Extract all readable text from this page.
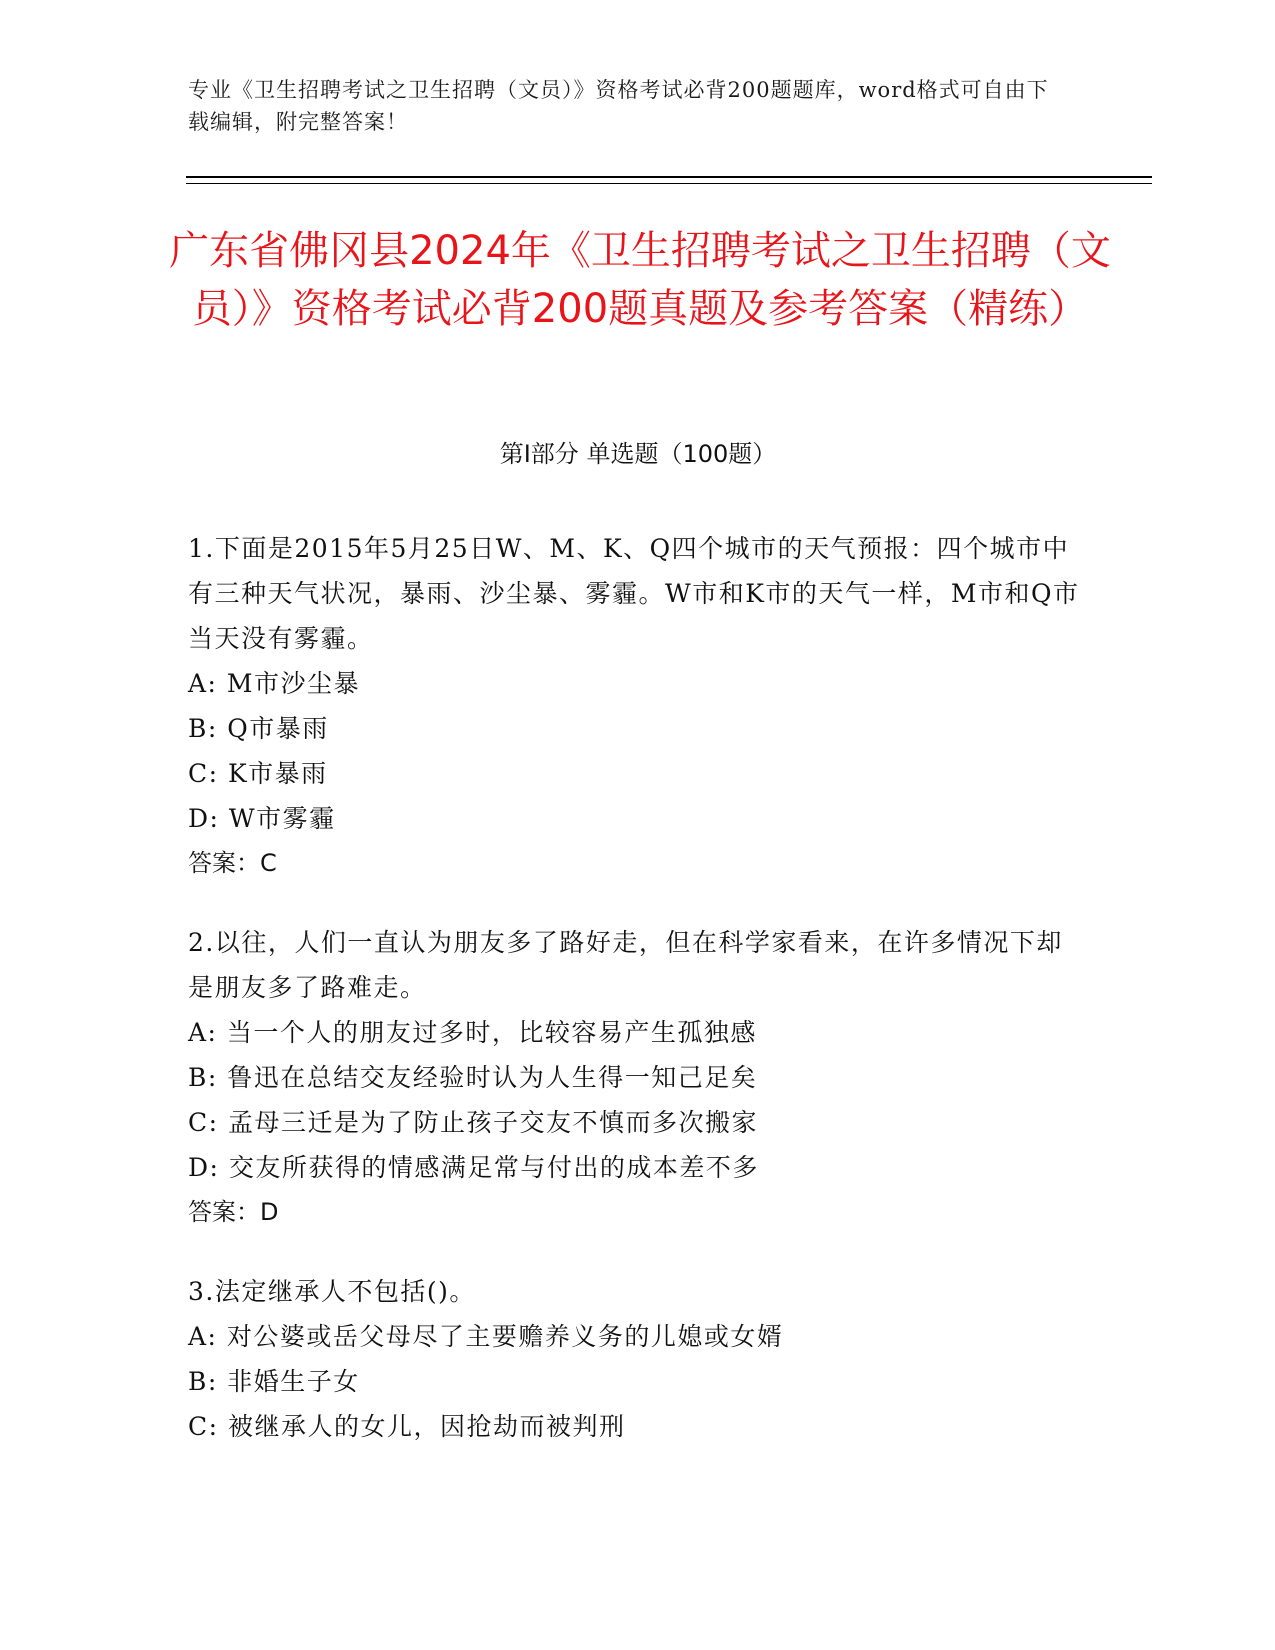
专业《卫生招聘考试之卫生招聘（文员）》资格考试必背200题题库，word格式可自由下载编辑，附完整答案！
广东省佛冈县2024年《卫生招聘考试之卫生招聘（文员）》资格考试必背200题真题及参考答案（精练）
第I部分 单选题（100题）

1.下面是2015年5月25日W、M、K、Q四个城市的天气预报：四个城市中有三种天气状况，暴雨、沙尘暴、雾霾。W市和K市的天气一样，M市和Q市当天没有雾霾。

A: M市沙尘暴

B: Q市暴雨

C: K市暴雨

D: W市雾霾

答案：C

2.以往，人们一直认为朋友多了路好走，但在科学家看来，在许多情况下却是朋友多了路难走。

A: 当一个人的朋友过多时，比较容易产生孤独感

B: 鲁迅在总结交友经验时认为人生得一知己足矣

C: 孟母三迁是为了防止孩子交友不慎而多次搬家

D: 交友所获得的情感满足常与付出的成本差不多

答案：D

3.法定继承人不包括()。

A: 对公婆或岳父母尽了主要赡养义务的儿媳或女婿

B: 非婚生子女

C: 被继承人的女儿，因抢劫而被判刑
